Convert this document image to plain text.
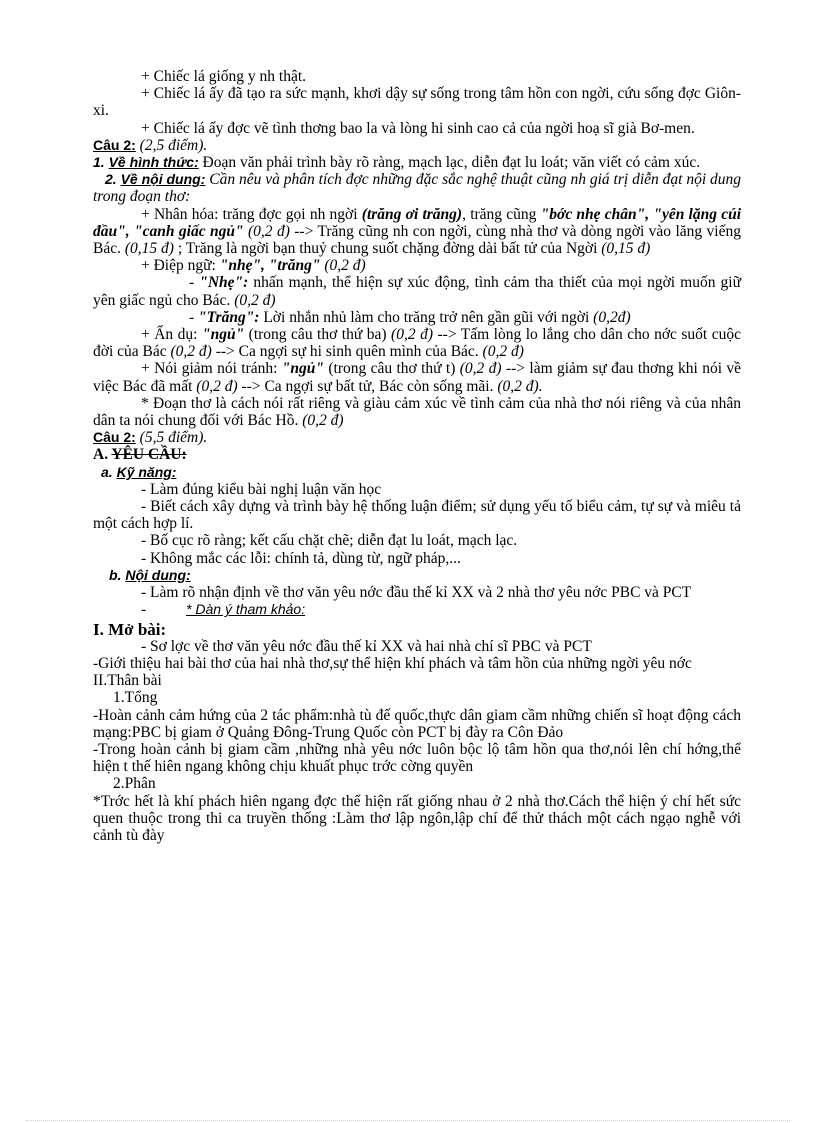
+ Chiếc lá giống y nh thật.

+ Chiếc lá ấy đã tạo ra sức mạnh, khơi dậy sự sống trong tâm hồn con ngời, cứu sống đợc Giôn-xi.

+ Chiếc lá ấy đợc vẽ tình thơng bao la và lòng hi sinh cao cả của ngời hoạ sĩ già Bơ-men.

Câu 2: (2,5 điểm).

1. Về hình thức: Đoạn văn phải trình bày rõ ràng, mạch lạc, diễn đạt lu loát; văn viết có cảm xúc.

2. Về nội dung: Cần nêu và phân tích đợc những đặc sắc nghệ thuật cũng nh giá trị diễn đạt nội dung trong đoạn thơ:

+ Nhân hóa: trăng đợc gọi nh ngời (trăng ơi trăng), trăng cũng "bớc nhẹ chân", "yên lặng cúi đầu", "canh giấc ngủ" (0,2 đ) --> Trăng cũng nh con ngời, cùng nhà thơ và dòng ngời vào lăng viếng Bác. (0,15 đ) ; Trăng là ngời bạn thuỷ chung suốt chặng đờng dài bất tử của Ngời (0,15 đ)

+ Điệp ngữ: "nhẹ", "trăng" (0,2 đ)

- "Nhẹ": nhấn mạnh, thể hiện sự xúc động, tình cảm tha thiết của mọi ngời muốn giữ yên giấc ngủ cho Bác. (0,2 đ)

- "Trăng": Lời nhắn nhủ làm cho trăng trở nên gần gũi với ngời (0,2đ)

+ Ẩn dụ: "ngủ" (trong câu thơ thứ ba) (0,2 đ) --> Tấm lòng lo lắng cho dân cho nớc suốt cuộc đời của Bác (0,2 đ) --> Ca ngợi sự hi sinh quên mình của Bác. (0,2 đ)

+ Nói giảm nói tránh: "ngủ" (trong câu thơ thứ t) (0,2 đ) --> làm giảm sự đau thơng khi nói về việc Bác đã mất (0,2 đ) --> Ca ngợi sự bất tử, Bác còn sống mãi. (0,2 đ).

* Đoạn thơ là cách nói rất riêng và giàu cảm xúc về tình cảm của nhà thơ nói riêng và của nhân dân ta nói chung đối với Bác Hồ. (0,2 đ)

Câu 2: (5,5 điểm).

A. YÊU CẦU:

a. Kỹ năng:

- Làm đúng kiểu bài nghị luận văn học

- Biết cách xây dựng và trình bày hệ thống luận điểm; sử dụng yếu tố biểu cảm, tự sự và miêu tả một cách hợp lí.

- Bố cục rõ ràng; kết cấu chặt chẽ; diễn đạt lu loát, mạch lạc.

- Không mắc các lỗi: chính tả, dùng từ, ngữ pháp,...

b. Nội dung:

- Làm rõ nhận định về thơ văn yêu nớc đầu thế kỉ XX và 2 nhà thơ yêu nớc PBC và PCT

-	* Dàn ý tham khảo:

I. Mở bài:

- Sơ lợc về thơ văn yêu nớc đầu thế kỉ XX và hai nhà chí sĩ PBC và PCT

-Giới thiệu hai bài thơ của hai nhà thơ,sự thể hiện khí phách và tâm hồn của những ngời yêu nớc

II.Thân bài

1.Tổng

-Hoàn cảnh cảm hứng của 2 tác phẩm:nhà tù đế quốc,thực dân giam cầm những chiến sĩ hoạt động cách mạng:PBC bị giam ở Quảng Đông-Trung Quốc còn PCT bị đày ra Côn Đảo

-Trong hoàn cảnh bị giam cầm ,những nhà yêu nớc luôn bộc lộ tâm hồn qua thơ,nói lên chí hớng,thể hiện t thế hiên ngang không chịu khuất phục trớc cờng quyền

2.Phân

*Trớc hết là khí phách hiên ngang đợc thể hiện rất giống nhau ở 2 nhà thơ.Cách thể hiện ý chí hết sức quen thuộc trong thi ca truyền thống :Làm thơ lập ngôn,lập chí để thử thách một cách ngạo nghễ với cảnh tù đày
